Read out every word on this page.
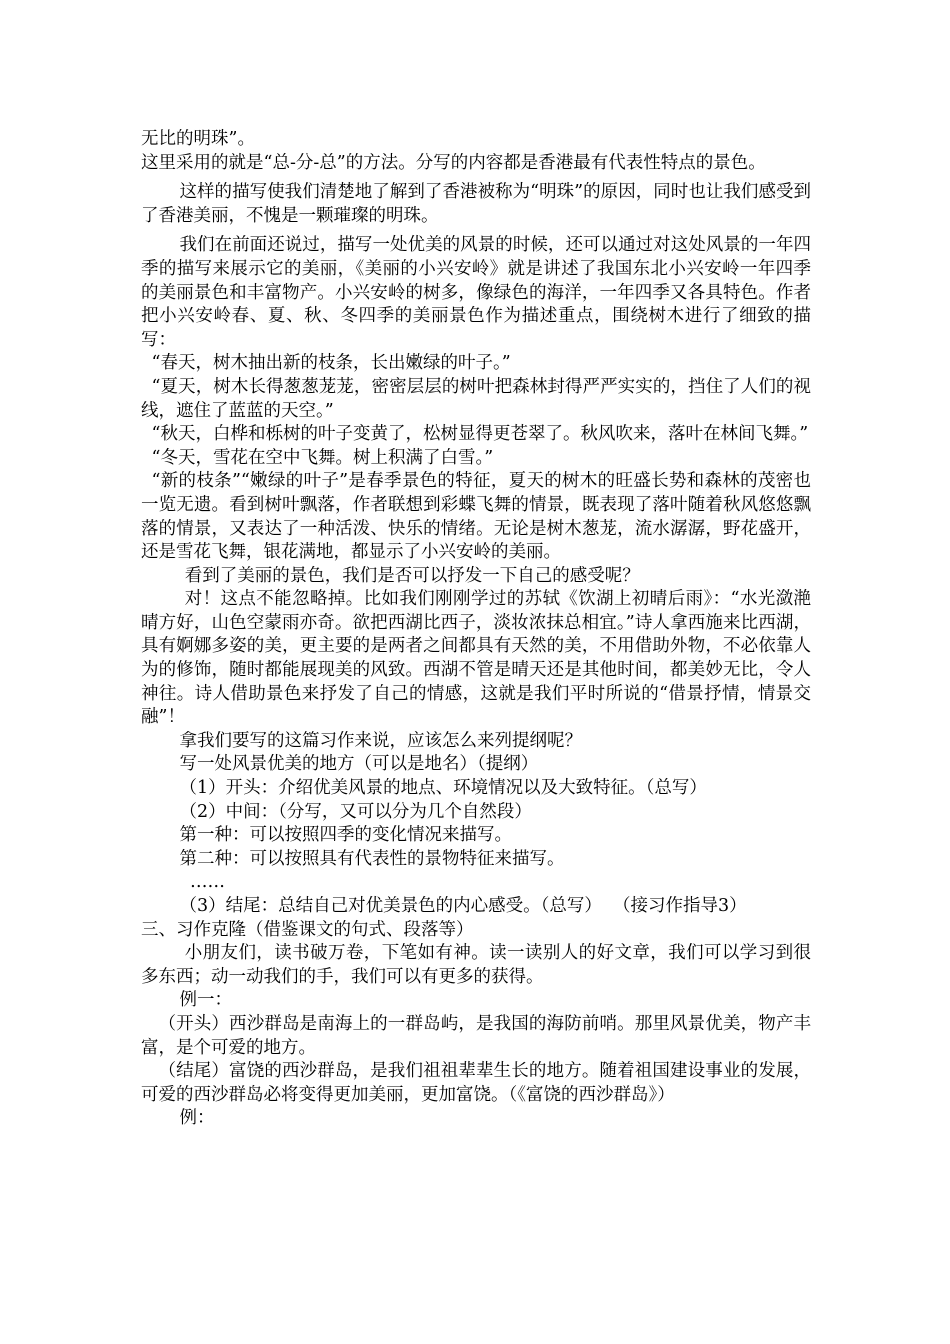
无比的明珠”。

这里采用的就是“总-分-总”的方法。分写的内容都是香港最有代表性特点的景色。

这样的描写使我们清楚地了解到了香港被称为“明珠”的原因，同时也让我们感受到了香港美丽，不愧是一颗璀璨的明珠。

我们在前面还说过，描写一处优美的风景的时候，还可以通过对这处风景的一年四季的描写来展示它的美丽，《美丽的小兴安岭》就是讲述了我国东北小兴安岭一年四季的美丽景色和丰富物产。小兴安岭的树多，像绿色的海洋，一年四季又各具特色。作者把小兴安岭春、夏、秋、冬四季的美丽景色作为描述重点，围绕树木进行了细致的描写：

“春天，树木抽出新的枝条，长出嫩绿的叶子。”

“夏天，树木长得葱葱茏茏，密密层层的树叶把森林封得严严实实的，挡住了人们的视线，遮住了蓝蓝的天空。”

“秋天，白桦和栎树的叶子变黄了，松树显得更苍翠了。秋风吹来，落叶在林间飞舞。”

“冬天，雪花在空中飞舞。树上积满了白雪。”

“新的枝条”“嫩绿的叶子”是春季景色的特征，夏天的树木的旺盛长势和森林的茂密也一览无遗。看到树叶飘落，作者联想到彩蝶飞舞的情景，既表现了落叶随着秋风悠悠飘落的情景，又表达了一种活泼、快乐的情绪。无论是树木葱茏，流水潺潺，野花盛开，还是雪花飞舞，银花满地，都显示了小兴安岭的美丽。

看到了美丽的景色，我们是否可以抒发一下自己的感受呢？

对！这点不能忽略掉。比如我们刚刚学过的苏轼《饮湖上初晴后雨》：“水光潋滟晴方好，山色空蒙雨亦奇。欲把西湖比西子，淡妆浓抹总相宜。”诗人拿西施来比西湖，具有婀娜多姿的美，更主要的是两者之间都具有天然的美，不用借助外物，不必依靠人为的修饰，随时都能展现美的风致。西湖不管是晴天还是其他时间，都美妙无比，令人神往。诗人借助景色来抒发了自己的情感，这就是我们平时所说的“借景抒情，情景交融”！

拿我们要写的这篇习作来说，应该怎么来列提纲呢？

写一处风景优美的地方（可以是地名）（提纲）

（1）开头：介绍优美风景的地点、环境情况以及大致特征。（总写）

（2）中间：（分写，又可以分为几个自然段）

第一种：可以按照四季的变化情况来描写。

第二种：可以按照具有代表性的景物特征来描写。

……

（3）结尾：总结自己对优美景色的内心感受。（总写）  （接习作指导3）

三、习作克隆（借鉴课文的句式、段落等）

小朋友们，读书破万卷，下笔如有神。读一读别人的好文章，我们可以学习到很多东西；动一动我们的手，我们可以有更多的获得。

例一：

（开头）西沙群岛是南海上的一群岛屿，是我国的海防前哨。那里风景优美，物产丰富，是个可爱的地方。

（结尾）富饶的西沙群岛，是我们祖祖辈辈生长的地方。随着祖国建设事业的发展，可爱的西沙群岛必将变得更加美丽，更加富饶。（《富饶的西沙群岛》）

例：
